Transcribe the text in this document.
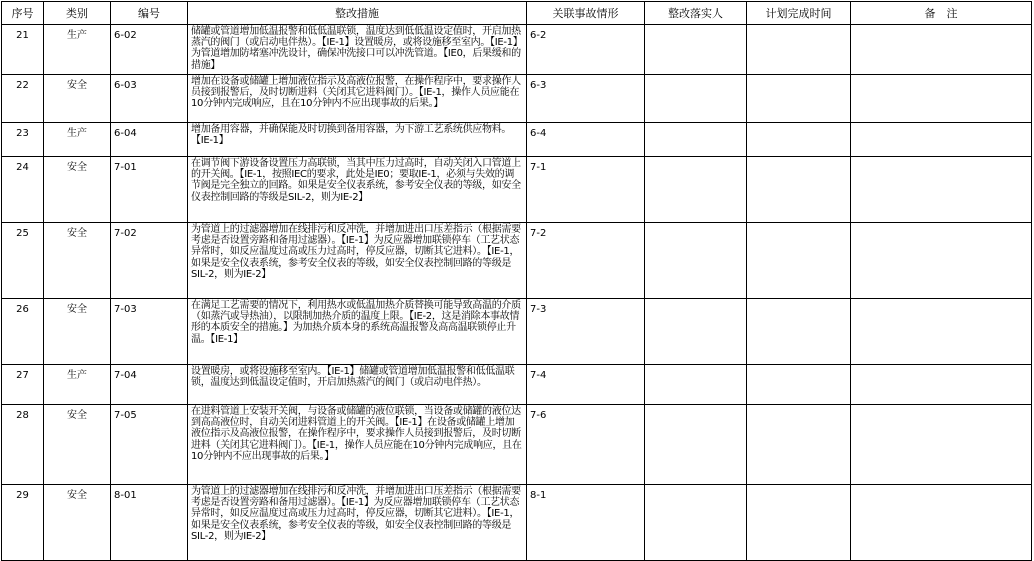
序号	类别	编号	整改措施	关联事故情形	整改落实人	计划完成时间	备　注
21	生产	6-02	储罐或管道增加低温报警和低低温联锁，温度达到低低温设定值时，开启加热蒸汽的阀门（或启动电伴热）。【IE-1】设置暖房，或将设施移至室内。【IE-1】为管道增加防堵塞冲洗设计，确保冲洗接口可以冲洗管道。【IE0，后果缓和的措施】	6-2			
22	安全	6-03	增加在设备或储罐上增加液位指示及高液位报警，在操作程序中，要求操作人员接到报警后，及时切断进料（关闭其它进料阀门）。【IE-1，操作人员应能在10分钟内完成响应，且在10分钟内不应出现事故的后果。】	6-3			
23	生产	6-04	增加备用容器，并确保能及时切换到备用容器，为下游工艺系统供应物料。【IE-1】	6-4			
24	安全	7-01	在调节阀下游设备设置压力高联锁，当其中压力过高时，自动关闭入口管道上的开关阀。【IE-1，按照IEC的要求，此处是IE0；要取IE-1，必须与失效的调节阀是完全独立的回路。如果是安全仪表系统，参考安全仪表的等级，如安全仪表控制回路的等级是SIL-2，则为IE-2】	7-1			
25	安全	7-02	为管道上的过滤器增加在线排污和反冲洗，并增加进出口压差指示（根据需要考虑是否设置旁路和备用过滤器）。【IE-1】为反应器增加联锁停车（工艺状态异常时，如反应温度过高或压力过高时，停反应器，切断其它进料）。【IE-1，如果是安全仪表系统，参考安全仪表的等级，如安全仪表控制回路的等级是SIL-2，则为IE-2】	7-2			
26	安全	7-03	在满足工艺需要的情况下，利用热水或低温加热介质替换可能导致高温的介质（如蒸汽或导热油），以限制加热介质的温度上限。【IE-2，这是消除本事故情形的本质安全的措施。】为加热介质本身的系统高温报警及高高温联锁停止升温。【IE-1】	7-3			
27	生产	7-04	设置暖房，或将设施移至室内。【IE-1】储罐或管道增加低温报警和低低温联锁，温度达到低温设定值时，开启加热蒸汽的阀门（或启动电伴热）。	7-4			
28	安全	7-05	在进料管道上安装开关阀，与设备或储罐的液位联锁，当设备或储罐的液位达到高高液位时，自动关闭进料管道上的开关阀。【IE-1】在设备或储罐上增加液位指示及高液位报警，在操作程序中，要求操作人员接到报警后，及时切断进料（关闭其它进料阀门）。【IE-1，操作人员应能在10分钟内完成响应，且在10分钟内不应出现事故的后果。】	7-6			
29	安全	8-01	为管道上的过滤器增加在线排污和反冲洗，并增加进出口压差指示（根据需要考虑是否设置旁路和备用过滤器）。【IE-1】为反应器增加联锁停车（工艺状态异常时，如反应温度过高或压力过高时，停反应器，切断其它进料）。【IE-1，如果是安全仪表系统，参考安全仪表的等级，如安全仪表控制回路的等级是SIL-2，则为IE-2】	8-1			
